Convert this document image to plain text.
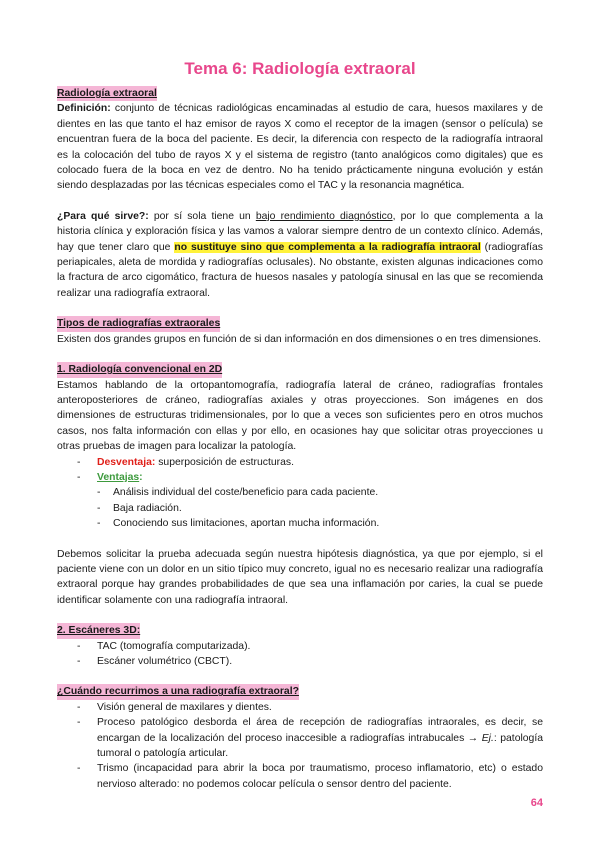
Tema 6: Radiología extraoral
Radiología extraoral

Definición: conjunto de técnicas radiológicas encaminadas al estudio de cara, huesos maxilares y de dientes en las que tanto el haz emisor de rayos X como el receptor de la imagen (sensor o película) se encuentran fuera de la boca del paciente. Es decir, la diferencia con respecto de la radiografía intraoral es la colocación del tubo de rayos X y el sistema de registro (tanto analógicos como digitales) que es colocado fuera de la boca en vez de dentro. No ha tenido prácticamente ninguna evolución y están siendo desplazadas por las técnicas especiales como el TAC y la resonancia magnética.

¿Para qué sirve?: por sí sola tiene un bajo rendimiento diagnóstico, por lo que complementa a la historia clínica y exploración física y las vamos a valorar siempre dentro de un contexto clínico. Además, hay que tener claro que no sustituye sino que complementa a la radiografía intraoral (radiografías periapicales, aleta de mordida y radiografías oclusales). No obstante, existen algunas indicaciones como la fractura de arco cigomático, fractura de huesos nasales y patología sinusal en las que se recomienda realizar una radiografía extraoral.

Tipos de radiografías extraorales

Existen dos grandes grupos en función de si dan información en dos dimensiones o en tres dimensiones.

1. Radiología convencional en 2D

Estamos hablando de la ortopantomografía, radiografía lateral de cráneo, radiografías frontales anteroposteriores de cráneo, radiografías axiales y otras proyecciones. Son imágenes en dos dimensiones de estructuras tridimensionales, por lo que a veces son suficientes pero en otros muchos casos, nos falta información con ellas y por ello, en ocasiones hay que solicitar otras proyecciones u otras pruebas de imagen para localizar la patología.

- Desventaja: superposición de estructuras.
- Ventajas:
- Análisis individual del coste/beneficio para cada paciente.
- Baja radiación.
- Conociendo sus limitaciones, aportan mucha información.

Debemos solicitar la prueba adecuada según nuestra hipótesis diagnóstica, ya que por ejemplo, si el paciente viene con un dolor en un sitio típico muy concreto, igual no es necesario realizar una radiografía extraoral porque hay grandes probabilidades de que sea una inflamación por caries, la cual se puede identificar solamente con una radiografía intraoral.

2. Escáneres 3D:
- TAC (tomografía computarizada).
- Escáner volumétrico (CBCT).
¿Cuándo recurrimos a una radiografía extraoral?
- Visión general de maxilares y dientes.
- Proceso patológico desborda el área de recepción de radiografías intraorales, es decir, se encargan de la localización del proceso inaccesible a radiografías intrabucales → Ej.: patología tumoral o patología articular.
- Trismo (incapacidad para abrir la boca por traumatismo, proceso inflamatorio, etc) o estado nervioso alterado: no podemos colocar película o sensor dentro del paciente.
64
